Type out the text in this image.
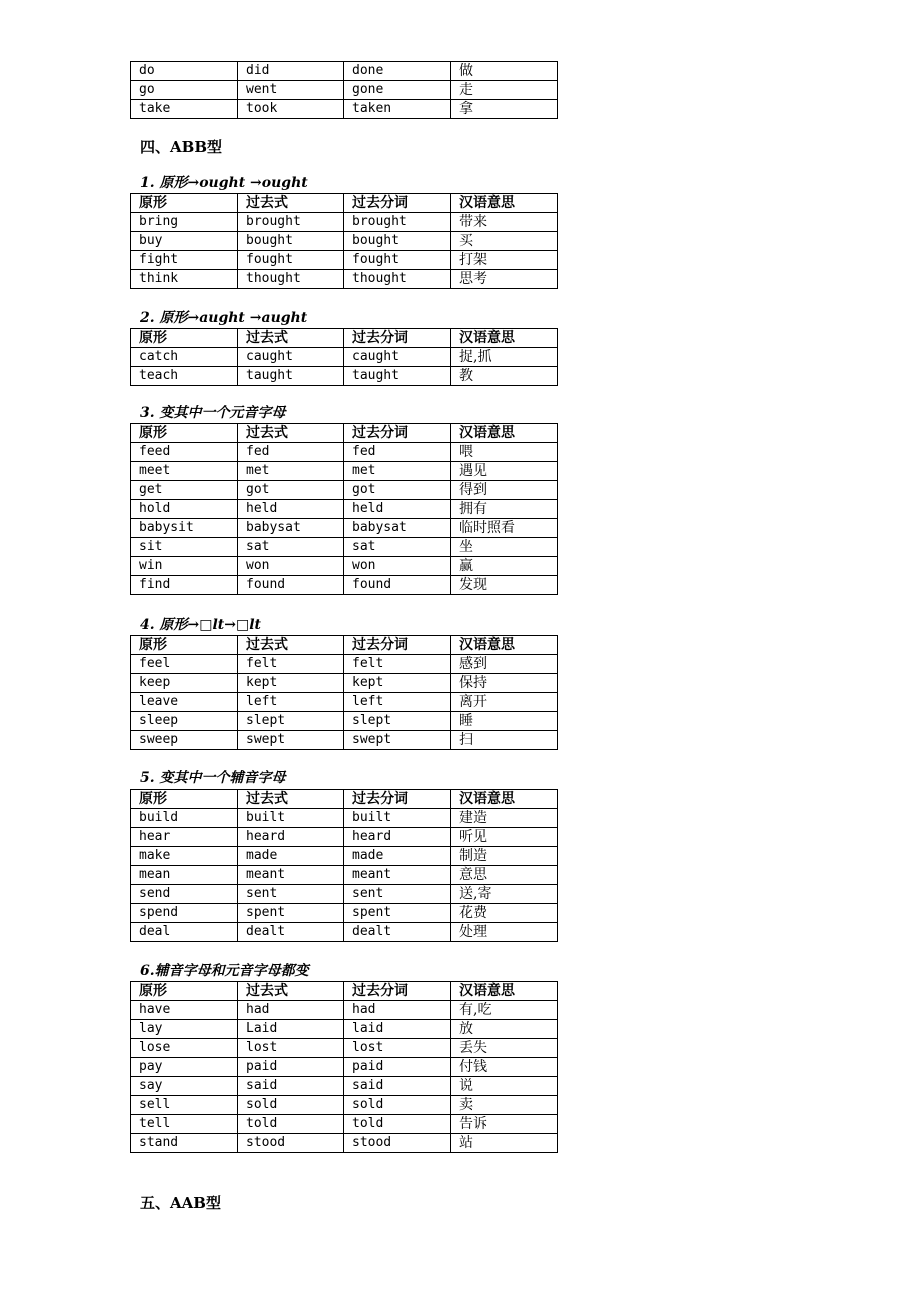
do	did	done	做
go	went	gone	走
take	took	taken	拿
四、ABB型
1. 原形→ought →ought
原形	过去式	过去分词	汉语意思
bring	brought	brought	带来
buy	bought	bought	买
fight	fought	fought	打架
think	thought	thought	思考
2. 原形→aught →aught
原形	过去式	过去分词	汉语意思
catch	caught	caught	捉,抓
teach	taught	taught	教
3. 变其中一个元音字母
原形	过去式	过去分词	汉语意思
feed	fed	fed	喂
meet	met	met	遇见
get	got	got	得到
hold	held	held	拥有
babysit	babysat	babysat	临时照看
sit	sat	sat	坐
win	won	won	赢
find	found	found	发现
4. 原形→□lt→□lt
原形	过去式	过去分词	汉语意思
feel	felt	felt	感到
keep	kept	kept	保持
leave	left	left	离开
sleep	slept	slept	睡
sweep	swept	swept	扫
5. 变其中一个辅音字母
原形	过去式	过去分词	汉语意思
build	built	built	建造
hear	heard	heard	听见
make	made	made	制造
mean	meant	meant	意思
send	sent	sent	送,寄
spend	spent	spent	花费
deal	dealt	dealt	处理
6.辅音字母和元音字母都变
原形	过去式	过去分词	汉语意思
have	had	had	有,吃
lay	Laid	laid	放
lose	lost	lost	丢失
pay	paid	paid	付钱
say	said	said	说
sell	sold	sold	卖
tell	told	told	告诉
stand	stood	stood	站
五、AAB型
